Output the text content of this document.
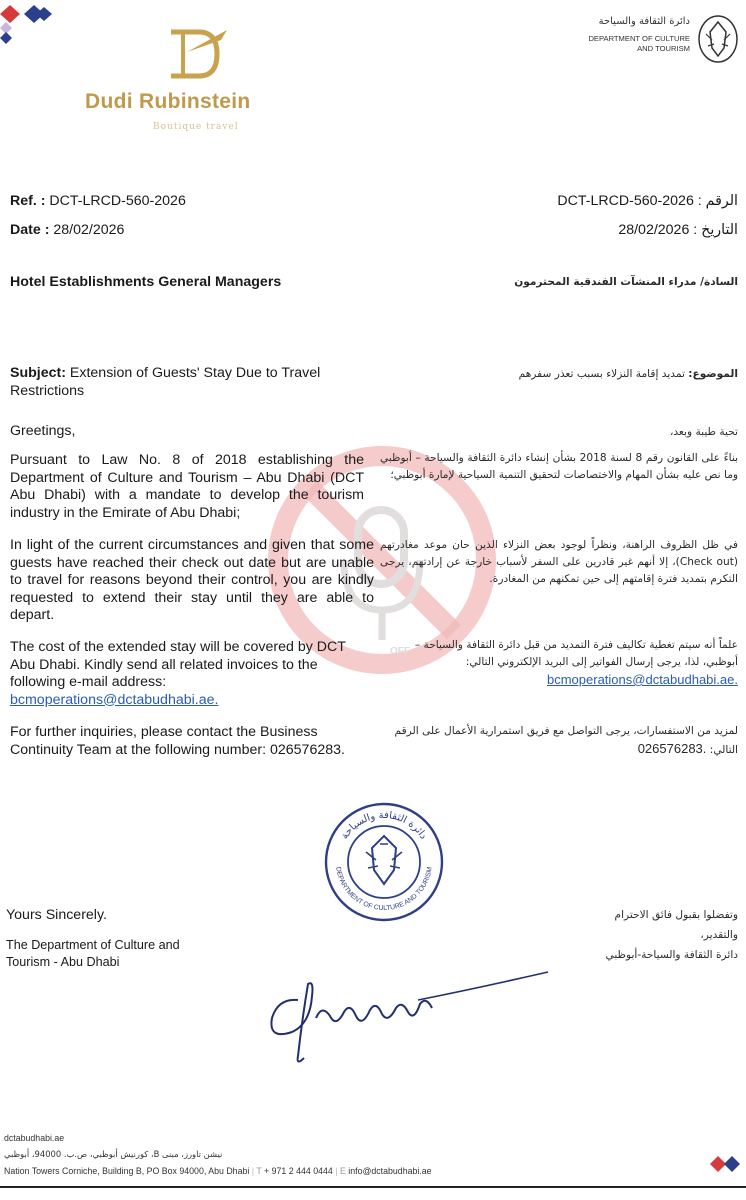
Dudi Rubinstein
Boutique travel
دائرة الثقافة والسياحة
DEPARTMENT OF CULTURE
AND TOURISM
Ref. : DCT-LRCD-560-2026
Date : 28/02/2026
الرقم : DCT-LRCD-560-2026
التاريخ : 28/02/2026
Hotel Establishments General Managers	السادة/ مدراء المنشآت الفندقية المحترمون
Subject: Extension of Guests' Stay Due to Travel Restrictions
الموضوع: تمديد إقامة النزلاء بسبب تعذر سفرهم
Greetings,	تحية طيبة وبعد،
OFF
Pursuant to Law No. 8 of 2018 establishing the Department of Culture and Tourism – Abu Dhabi (DCT Abu Dhabi) with a mandate to develop the tourism industry in the Emirate of Abu Dhabi;
بناءً على القانون رقم 8 لسنة 2018 بشأن إنشاء دائرة الثقافة والسياحة – أبوظبي وما نص عليه بشأن المهام والاختصاصات لتحقيق التنمية السياحية لإمارة أبوظبي؛
In light of the current circumstances and given that some guests have reached their check out date but are unable to travel for reasons beyond their control, you are kindly requested to extend their stay until they are able to depart.
في ظل الظروف الراهنة، ونظراً لوجود بعض النزلاء الذين حان موعد مغادرتهم (Check out)، إلا أنهم غير قادرين على السفر لأسباب خارجة عن إرادتهم، يرجى التكرم بتمديد فترة إقامتهم إلى حين تمكنهم من المغادرة.
The cost of the extended stay will be covered by DCT Abu Dhabi. Kindly send all related invoices to the following e-mail address: bcmoperations@dctabudhabi.ae.
علماً أنه سيتم تغطية تكاليف فترة التمديد من قبل دائرة الثقافة والسياحة – أبوظبي، لذا، يرجى إرسال الفواتير إلى البريد الإلكتروني التالي: bcmoperations@dctabudhabi.ae.
For further inquiries, please contact the Business Continuity Team at the following number: 026576283.
لمزيد من الاستفسارات، يرجى التواصل مع فريق استمرارية الأعمال على الرقم التالي: 026576283.
دائرة الثقافة والسياحة
DEPARTMENT OF CULTURE AND TOURISM
Yours Sincerely.
The Department of Culture and
Tourism - Abu Dhabi
وتفضلوا بقبول فائق الاحترام
والتقدير،
دائرة الثقافة والسياحة-أبوظبي
dctabudhabi.ae
نيشن تاورز، مبنى B، كورنيش أبوظبي، ص.ب. 94000، أبوظبي
Nation Towers Corniche, Building B, PO Box 94000, Abu Dhabi | T + 971 2 444 0444 | E info@dctabudhabi.ae
